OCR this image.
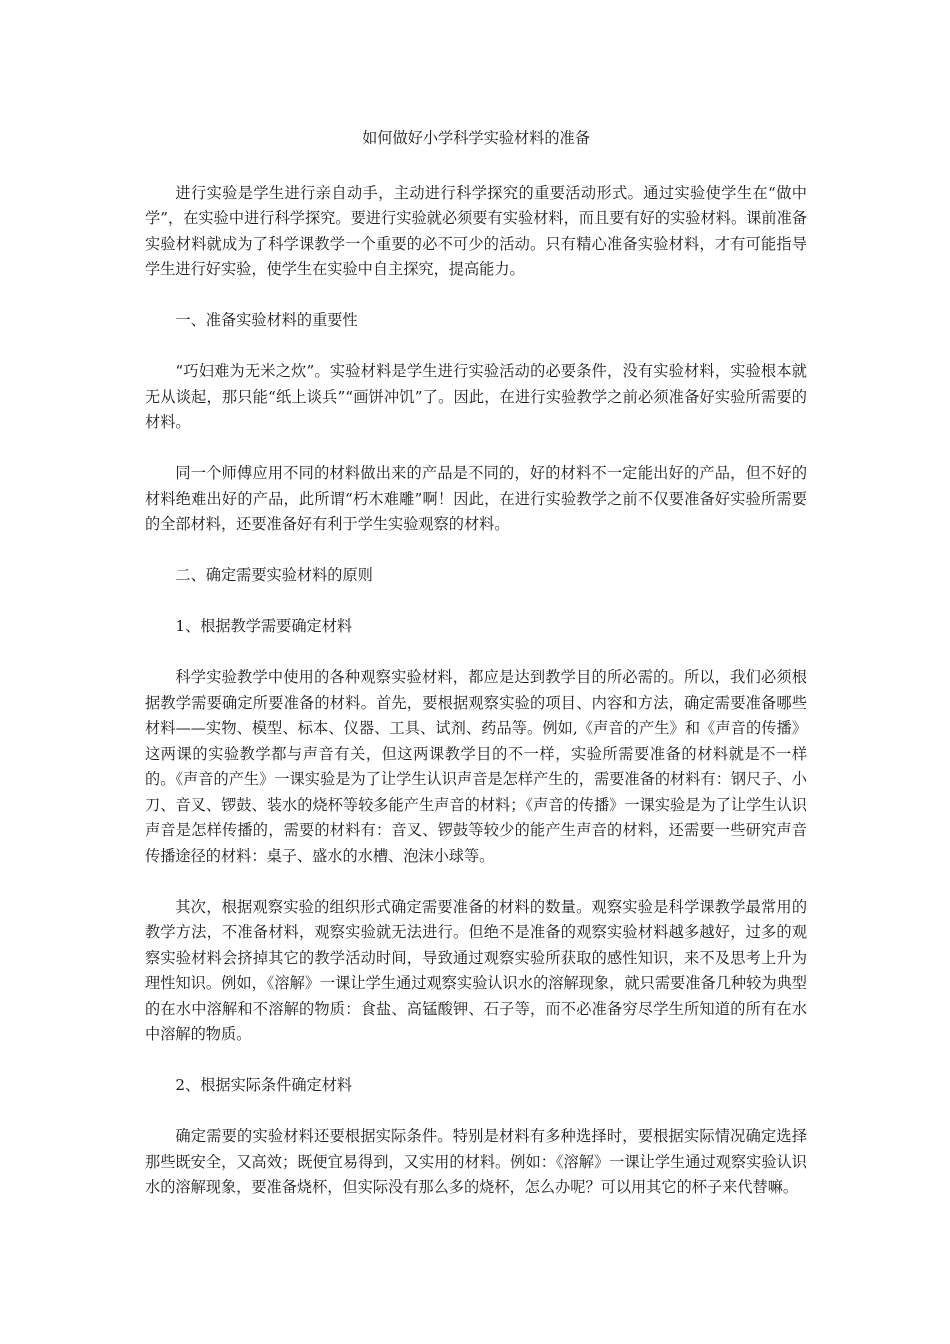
如何做好小学科学实验材料的准备

进行实验是学生进行亲自动手，主动进行科学探究的重要活动形式。通过实验使学生在“做中学”，在实验中进行科学探究。要进行实验就必须要有实验材料，而且要有好的实验材料。课前准备实验材料就成为了科学课教学一个重要的必不可少的活动。只有精心准备实验材料，才有可能指导学生进行好实验，使学生在实验中自主探究，提高能力。

一、准备实验材料的重要性

“巧妇难为无米之炊”。实验材料是学生进行实验活动的必要条件，没有实验材料，实验根本就无从谈起，那只能“纸上谈兵”“画饼冲饥”了。因此，在进行实验教学之前必须准备好实验所需要的材料。

同一个师傅应用不同的材料做出来的产品是不同的，好的材料不一定能出好的产品，但不好的材料绝难出好的产品，此所谓“朽木难雕”啊！因此，在进行实验教学之前不仅要准备好实验所需要的全部材料，还要准备好有利于学生实验观察的材料。

二、确定需要实验材料的原则

1、根据教学需要确定材料

科学实验教学中使用的各种观察实验材料，都应是达到教学目的所必需的。所以，我们必须根据教学需要确定所要准备的材料。首先，要根据观察实验的项目、内容和方法，确定需要准备哪些材料——实物、模型、标本、仪器、工具、试剂、药品等。例如,《声音的产生》和《声音的传播》这两课的实验教学都与声音有关，但这两课教学目的不一样，实验所需要准备的材料就是不一样的。《声音的产生》一课实验是为了让学生认识声音是怎样产生的，需要准备的材料有：钢尺子、小刀、音叉、锣鼓、装水的烧杯等较多能产生声音的材料；《声音的传播》一课实验是为了让学生认识声音是怎样传播的，需要的材料有：音叉、锣鼓等较少的能产生声音的材料，还需要一些研究声音传播途径的材料：桌子、盛水的水槽、泡沫小球等。

其次，根据观察实验的组织形式确定需要准备的材料的数量。观察实验是科学课教学最常用的教学方法，不准备材料，观察实验就无法进行。但绝不是准备的观察实验材料越多越好，过多的观察实验材料会挤掉其它的教学活动时间，导致通过观察实验所获取的感性知识，来不及思考上升为理性知识。例如，《溶解》一课让学生通过观察实验认识水的溶解现象，就只需要准备几种较为典型的在水中溶解和不溶解的物质：食盐、高锰酸钾、石子等，而不必准备穷尽学生所知道的所有在水中溶解的物质。

2、根据实际条件确定材料

确定需要的实验材料还要根据实际条件。特别是材料有多种选择时，要根据实际情况确定选择那些既安全，又高效；既便宜易得到，又实用的材料。例如：《溶解》一课让学生通过观察实验认识水的溶解现象，要准备烧杯，但实际没有那么多的烧杯，怎么办呢？可以用其它的杯子来代替嘛。
